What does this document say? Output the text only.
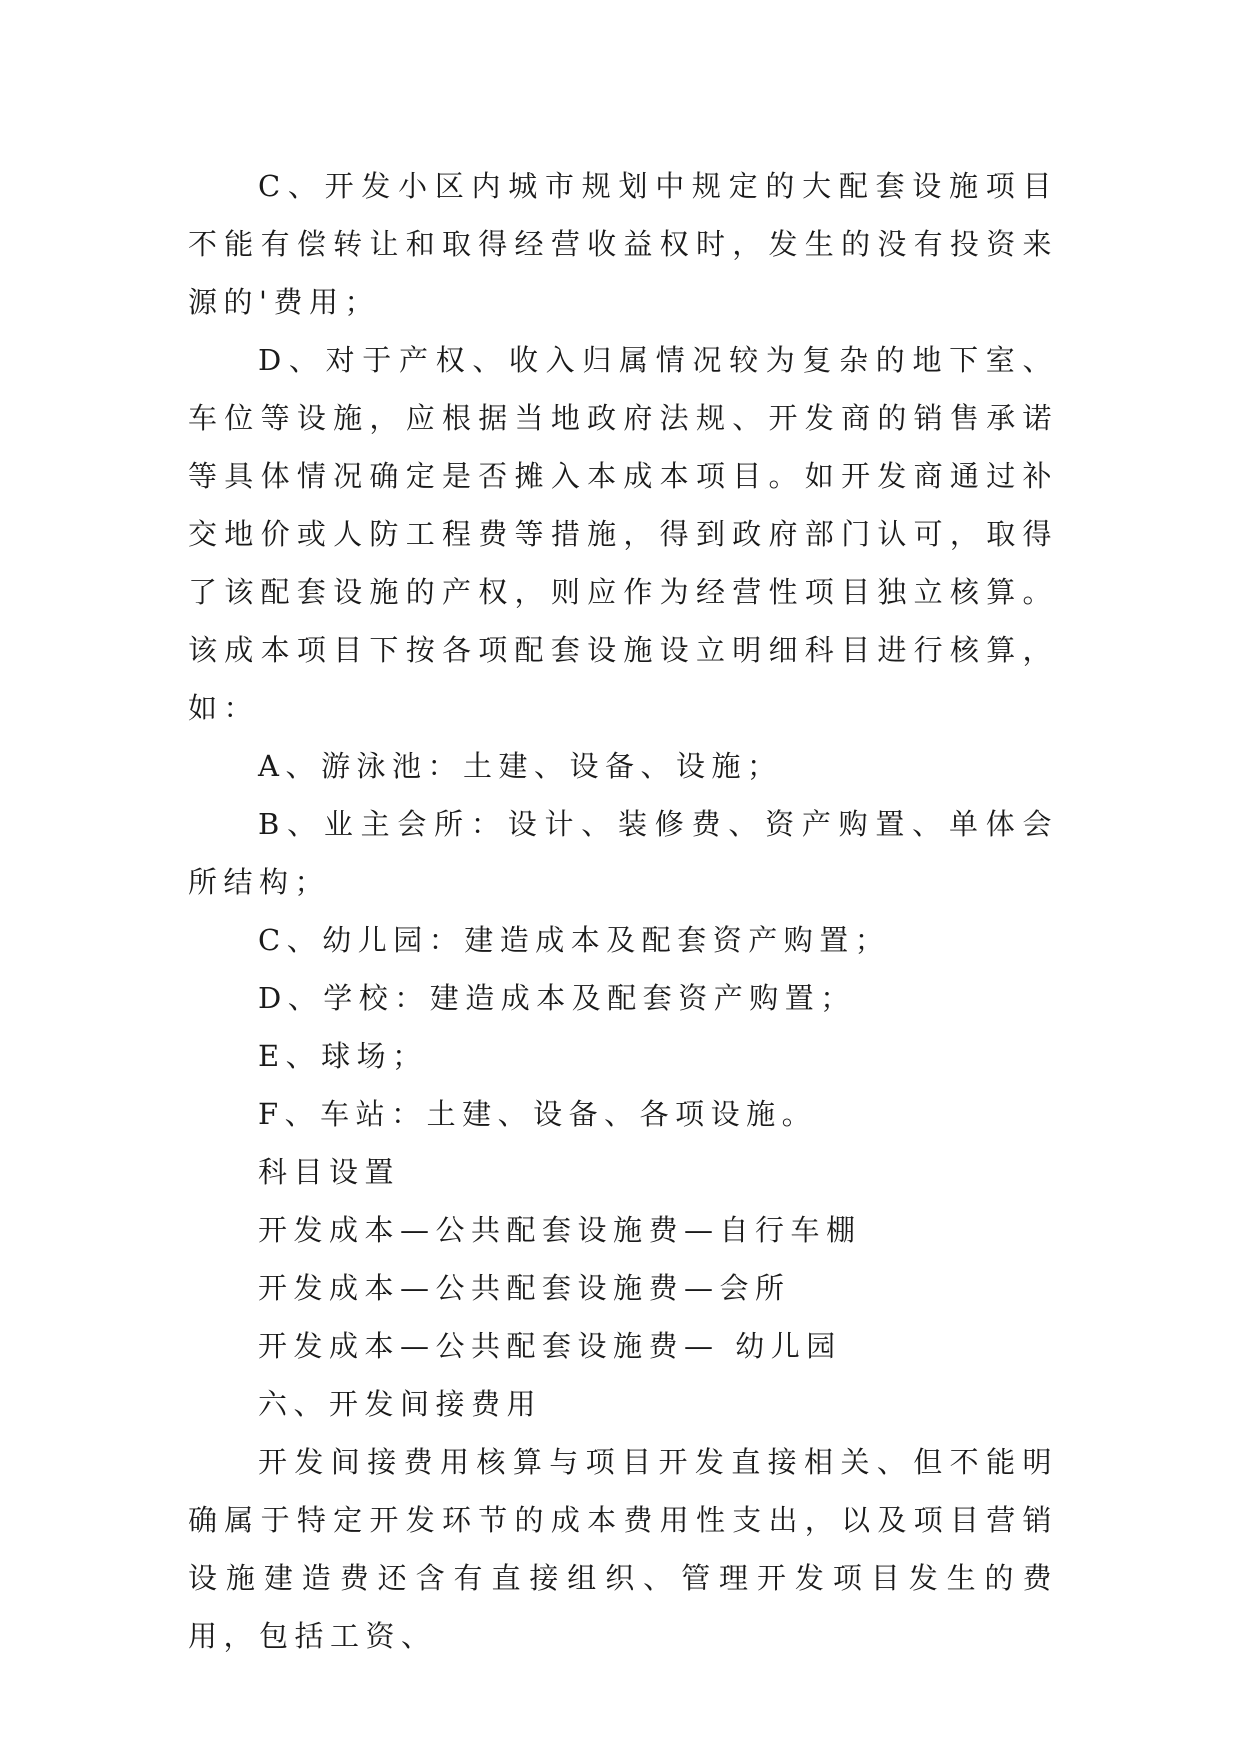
C、开发小区内城市规划中规定的大配套设施项目不能有偿转让和取得经营收益权时，发生的没有投资来源的'费用；

D、对于产权、收入归属情况较为复杂的地下室、车位等设施，应根据当地政府法规、开发商的销售承诺等具体情况确定是否摊入本成本项目。如开发商通过补交地价或人防工程费等措施，得到政府部门认可，取得了该配套设施的产权，则应作为经营性项目独立核算。 该成本项目下按各项配套设施设立明细科目进行核算，如：

A、游泳池：土建、设备、设施；

B、业主会所：设计、装修费、资产购置、单体会所结构；

C、幼儿园：建造成本及配套资产购置；

D、学校：建造成本及配套资产购置；

E、球场；

F、车站：土建、设备、各项设施。

科目设置

开发成本—公共配套设施费—自行车棚

开发成本—公共配套设施费—会所

开发成本—公共配套设施费— 幼儿园

六、开发间接费用

开发间接费用核算与项目开发直接相关、但不能明确属于特定开发环节的成本费用性支出，以及项目营销设施建造费还含有直接组织、管理开发项目发生的费用，包括工资、
